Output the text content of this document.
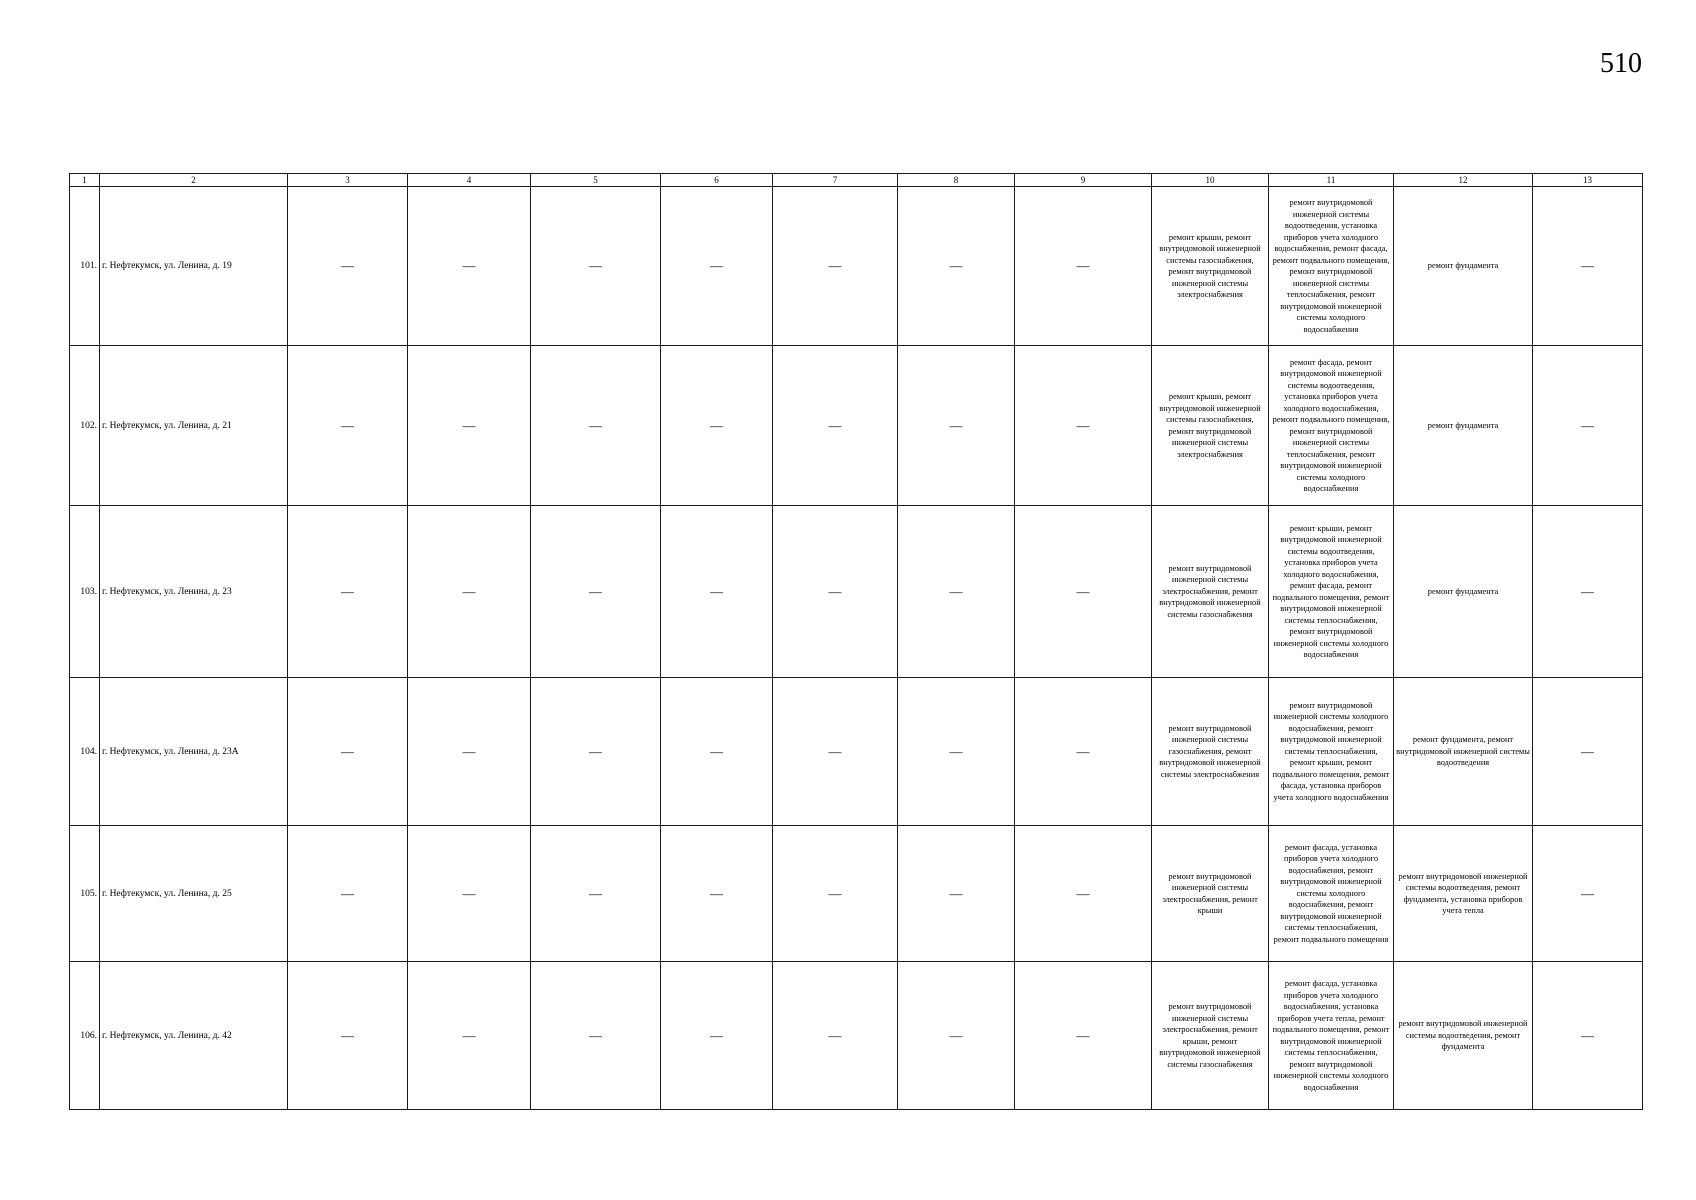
510
1	2	3	4	5	6	7	8	9	10	11	12	13
101.	г. Нефтекумск, ул. Ленина, д. 19	—	—	—	—	—	—	—	ремонт крыши, ремонт внутридомовой инженерной системы газоснабжения, ремонт внутридомовой инженерной системы электроснабжения	ремонт внутридомовой инженерной системы водоотведения, установка приборов учета холодного водоснабжения, ремонт фасада, ремонт подвального помещения, ремонт внутридомовой инженерной системы теплоснабжения, ремонт внутридомовой инженерной системы холодного водоснабжения	ремонт фундамента	—
102.	г. Нефтекумск, ул. Ленина, д. 21	—	—	—	—	—	—	—	ремонт крыши, ремонт внутридомовой инженерной системы газоснабжения, ремонт внутридомовой инженерной системы электроснабжения	ремонт фасада, ремонт внутридомовой инженерной системы водоотведения, установка приборов учета холодного водоснабжения, ремонт подвального помещения, ремонт внутридомовой инженерной системы теплоснабжения, ремонт внутридомовой инженерной системы холодного водоснабжения	ремонт фундамента	—
103.	г. Нефтекумск, ул. Ленина, д. 23	—	—	—	—	—	—	—	ремонт внутридомовой инженерной системы электроснабжения, ремонт внутридомовой инженерной системы газоснабжения	ремонт крыши, ремонт внутридомовой инженерной системы водоотведения, установка приборов учета холодного водоснабжения, ремонт фасада, ремонт подвального помещения, ремонт внутридомовой инженерной системы теплоснабжения, ремонт внутридомовой инженерной системы холодного водоснабжения	ремонт фундамента	—
104.	г. Нефтекумск, ул. Ленина, д. 23А	—	—	—	—	—	—	—	ремонт внутридомовой инженерной системы газоснабжения, ремонт внутридомовой инженерной системы электроснабжения	ремонт внутридомовой инженерной системы холодного водоснабжения, ремонт внутридомовой инженерной системы теплоснабжения, ремонт крыши, ремонт подвального помещения, ремонт фасада, установка приборов учета холодного водоснабжения	ремонт фундамента, ремонт внутридомовой инженерной системы водоотведения	—
105.	г. Нефтекумск, ул. Ленина, д. 25	—	—	—	—	—	—	—	ремонт внутридомовой инженерной системы электроснабжения, ремонт крыши	ремонт фасада, установка приборов учета холодного водоснабжения, ремонт внутридомовой инженерной системы холодного водоснабжения, ремонт внутридомовой инженерной системы теплоснабжения, ремонт подвального помещения	ремонт внутридомовой инженерной системы водоотведения, ремонт фундамента, установка приборов учета тепла	—
106.	г. Нефтекумск, ул. Ленина, д. 42	—	—	—	—	—	—	—	ремонт внутридомовой инженерной системы электроснабжения, ремонт крыши, ремонт внутридомовой инженерной системы газоснабжения	ремонт фасада, установка приборов учета холодного водоснабжения, установка приборов учета тепла, ремонт подвального помещения, ремонт внутридомовой инженерной системы теплоснабжения, ремонт внутридомовой инженерной системы холодного водоснабжения	ремонт внутридомовой инженерной системы водоотведения, ремонт фундамента	—
